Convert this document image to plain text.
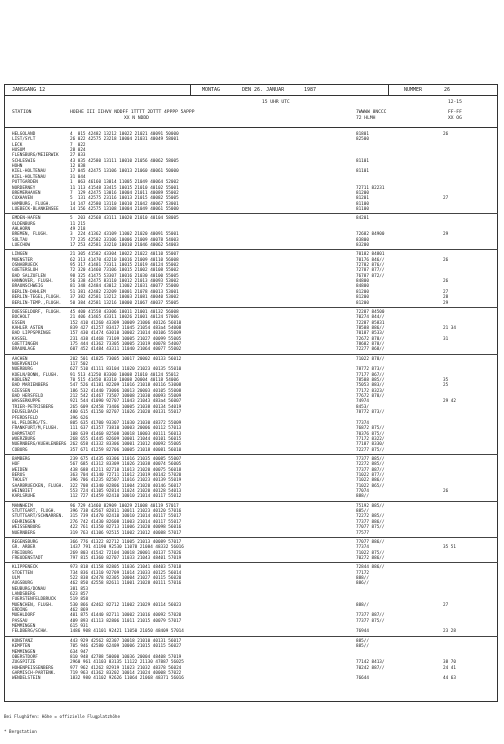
JANSGANG 12	MONTAG	DEN 26. JANUAR	1987	NUMMER	26
15 UHR UTC	12-15
STATION	HOEHE III IIHVV NDDFF 1TTTT 2DTTT 4PPPP 5APPP
XX N NDDD
7WWWW 8NCCC
72 HLMH
FF-FF
XX OG
HELGOLAND	4  015 42482 13212 10022 21021 40091 50000	81801	26
LIST/SYLT	26 022 42575 23218 10004 21031 40049 58001	82500
LECK	7  022
HUSUM	28 024
FLENSBURG/MEIERWIK	27 033
SCHLESWIG	43 035 42580 13111 10010 21056 40062 58005	81101
HOHN	12 038
KIEL-HOLTENAU	17 045 42475 13106 10013 21060 40061 50000	81101
KIEL-HOLTENAU	31 044
PUTTGARDEN	1  063 46160 13014 11005 21049 40064 52002
NORDERNEY	11 113 41548 33415 10015 21010 40102 55001	72711 82231
BREMERHAVEN	7  129 42475 13016 10004 21011 40089 55002	81200
CUXHAVEN	5  131 42575 23116 10013 21015 40082 55005	81201	27
HAMBURG, FLUGH.	14 147 42580 13110 10010 21042 40067 53001	81100
LUEBECK-BLANKENSEE	14 156 42575 13108 10004 21049 40061 55000	81100
EMDEN-HAFEN	5  203 42568 43111 10020 21010 40104 58005	84201
OLDENBURG	11 215
AHLHORN	49 218
BREMEN, FLUGH.	3  224 41362 43109 11002 21020 40091 55001	72682 84900	29
SOLTAU	77 235 42582 33106 10006 21009 40078 54003	83800
LUECHOW	17 253 42581 33210 10010 21046 40062 54003	83200
LINGEN	21 305 41582 43304 10022 21022 40110 55007	70182 84801
MUENSTER	62 313 41470 43210 10016 21009 40110 56008	70176 846//	26
OSNABRUECK	95 317 41481 73311 10015 21019 40124 55002	72782 876//
GUETERSLOH	72 320 41460 73106 10015 21002 40108 55002	72787 877//
BAD SALZUFLEN	98 325 41475 53307 10016 21030 40100 55005	76787 872//
HANNOVER, FLUGH.	56 338 42475 83110 10012 21013 40093 53002	84800	26
BRAUNSCHWEIG	81 348 42484 43012 11002 21031 40077 55000	84800
BERLIN-DAHLEM	51 381 42482 23209 10001 21078 40013 53001	81200	27
BERLIN-TEGEL,FLUGH. 37 382 42581 13212 10003 21081 40040 53002	81200	28
BERLIN-TEMP.,FLUGH. 50 384 42581 13216 10000 21067 40037 55005	81200	29
DUESSELDORF, FLUGH. 45 400 41558 43306 10011 21001 40132 56008	72287 84500
BOCHOLT	21 406 41465 43311 10026 21001 40124 57006	70274 844//
ESSEN	152 410 41260 43309 10009 21006 40126 56010	72287 85831
KAHLER ASTEN	839 427 41257 83417 11045 21054 483a4 54008	78588 886//	21 34
BAD LIPPSPRINGE	157 430 41474 63010 10002 21014 40106 55009	70187 8533/
KASSEL	231 438 41468 73109 10005 21027 40099 55005	72672 878//	31
GOETTINGEN	175 444 41362 73305 10005 21019 40078 54007	78682 878//
BRAUNLAGE	607 452 41484 43311 11040 21064 40077 55002	72277 868//
AACHEN	202 501 41825 73005 10017 20002 40133 56012	71022 878//
NOERVENICH	117 502
NUERBURG	627 510 41111 83104 11020 21023 40135 55010	78772 873//
KOELN/BONN, FLUGH.	91 513 41250 83300 10008 21010 40124 55012	77177 867//
KOBLENZ	70 515 41450 83310 10008 20004 40118 54006	78588 885//	35
BAD MARIENBERG	547 526 41181 82209 11016 21018 40116 53008	75053 883//	25
GIESSEN	186 532 41440 73006 10013 20003 40105 55008	77172 8323/
BAD HERSFELD	212 542 41467 73507 10008 21030 40093 55009	77672 878//
WASSERKUPPE	921 544 41090 92707 11043 21043 483a4 56007	74974	29 42
TRIER-PETRISBERG	265 609 42458 73406 10005 21038 40134 54019	8453/
DEUSELBACH	480 615 41150 82707 11026 21020 40131 55017	78772 873//
PFERDSFELD	396 626
HL.PELDERG/TS.	805 635 41700 93307 11030 21030 48372 55009	77374
FRANKFURT/M,FLUGH.	111 637 41357 73810 10003 20006 40112 57013	76872 875//
DARMSTADT	108 639 41460 82508 10018 10003 40111 56013	70376 875//
WUERZBURG	268 655 41445 82609 10001 21044 40101 56015	77172 8322/
NUERNBERG/KUEHLENBERG 262 658 41332 83306 10001 21012 40092 55005	77187 8330/
COBURG	357 671 41259 82706 10005 21018 40081 56010	72277 875//
BAMBERG	239 675 41435 83306 11016 21035 40085 55007	77377 885//
HOF	567 685 41312 83309 11026 21038 40074 56005	72272 885//
WEIDEN	438 688 41211 82710 11013 21020 40075 56018	77377 887//
BERUS	363 704 41140 72711 11012 21019 40142 57020	71022 877//
THOLEY	396 706 41235 82507 11016 21023 40139 55019	71022 886//
SAARBRUECKEN, FLUGH. 322 708 41340 82806 11004 21020 40146 56017	71022 865//
WEINBIET	553 724 41105 92814 11024 21020 40128 54013	77074	26
KARLSRUHE	112 727 41459 82410 10010 21014 40117 55012	888//
MANNHEIM	96 729 41460 82909 10029 21008 40119 57017	75192 885//
STUTTGART, FLUGH.	396 738 42567 82811 10011 21023 40120 57016	885//
STUTTGART/SCHNARREN. 315 739 41470 82410 10010 21014 40117 55017	72272 885//
OEHRINGEN	276 742 41430 82608 11003 21014 40117 55017	77377 886//
WEISSENBURG	422 761 41350 82713 11006 21020 40098 56016	77077 875//
NUERNBERG	319 763 41106 92515 11002 21012 40088 57017	77577
REGENSBURG	366 776 41322 82712 11005 21013 40089 57017	77077 886//
GR. ARBER	1437 791 41190 92530 11078 21084 48332 56016	77374	35 51
FREIBURG	269 803 41542 72104 10018 20001 40137 57026	71022 875//
FREUDENSTADT	797 815 41360 82707 11033 21043 48401 57019	70272 886//
KLIPPENECK	973 818 41158 82805 11036 21041 48403 57018	72844 886//
STOETTEN	734 836 41310 92709 11014 21033 40125 56014	77172
ULM	522 838 42478 82305 10004 21027 40115 56020	888//
AUGSBURG	462 850 42558 82611 11001 21028 40111 57016	886//
NEUBURG/DONAU	381 853
LANDSBERG	623 857
FUERSTENFELDBRUCK	519 858
MUENCHEN, FLUGH.	530 866 42462 82712 11002 21029 40114 56023	888//	27
ERDING	462 869
MUEHLDORF	401 875 41440 82711 10002 21016 40092 57020	77377 887//
PASSAU	409 893 41113 82806 11011 21015 40079 57017	77377 875//
MEMMINGEN	615 931
FELDBERG/SCHW.	1486 908 41101 92421 11050 21050 48409 57014	76944	23 28
KONSTANZ	443 929 42562 82307 10018 21010 40131 56017	885//
KEMPTEN	705 946 42580 62409 10006 21015 40115 56027	885//
MEMMINGEN	634 947
OBERSTDORF	810 948 42788 50000 10036 20004 48408 57019
ZUGSPITZE	2960 961 41103 83135 11122 21130 47887 56025	77142 8413/	38 70
HOHENPEISSENBERG	977 962 41262 82919 11023 21032 48378 56024	70242 887//	24 41
GARMISCH-PARTENK.	719 963 41362 83202 10014 21024 40008 57022
WENDELSTEIN	1832 980 41102 92626 11064 21068 48371 56016	76644	44 63

Bei Flughäfen: Höhe = offizielle Flugplatzhöhe

* Bergstation
